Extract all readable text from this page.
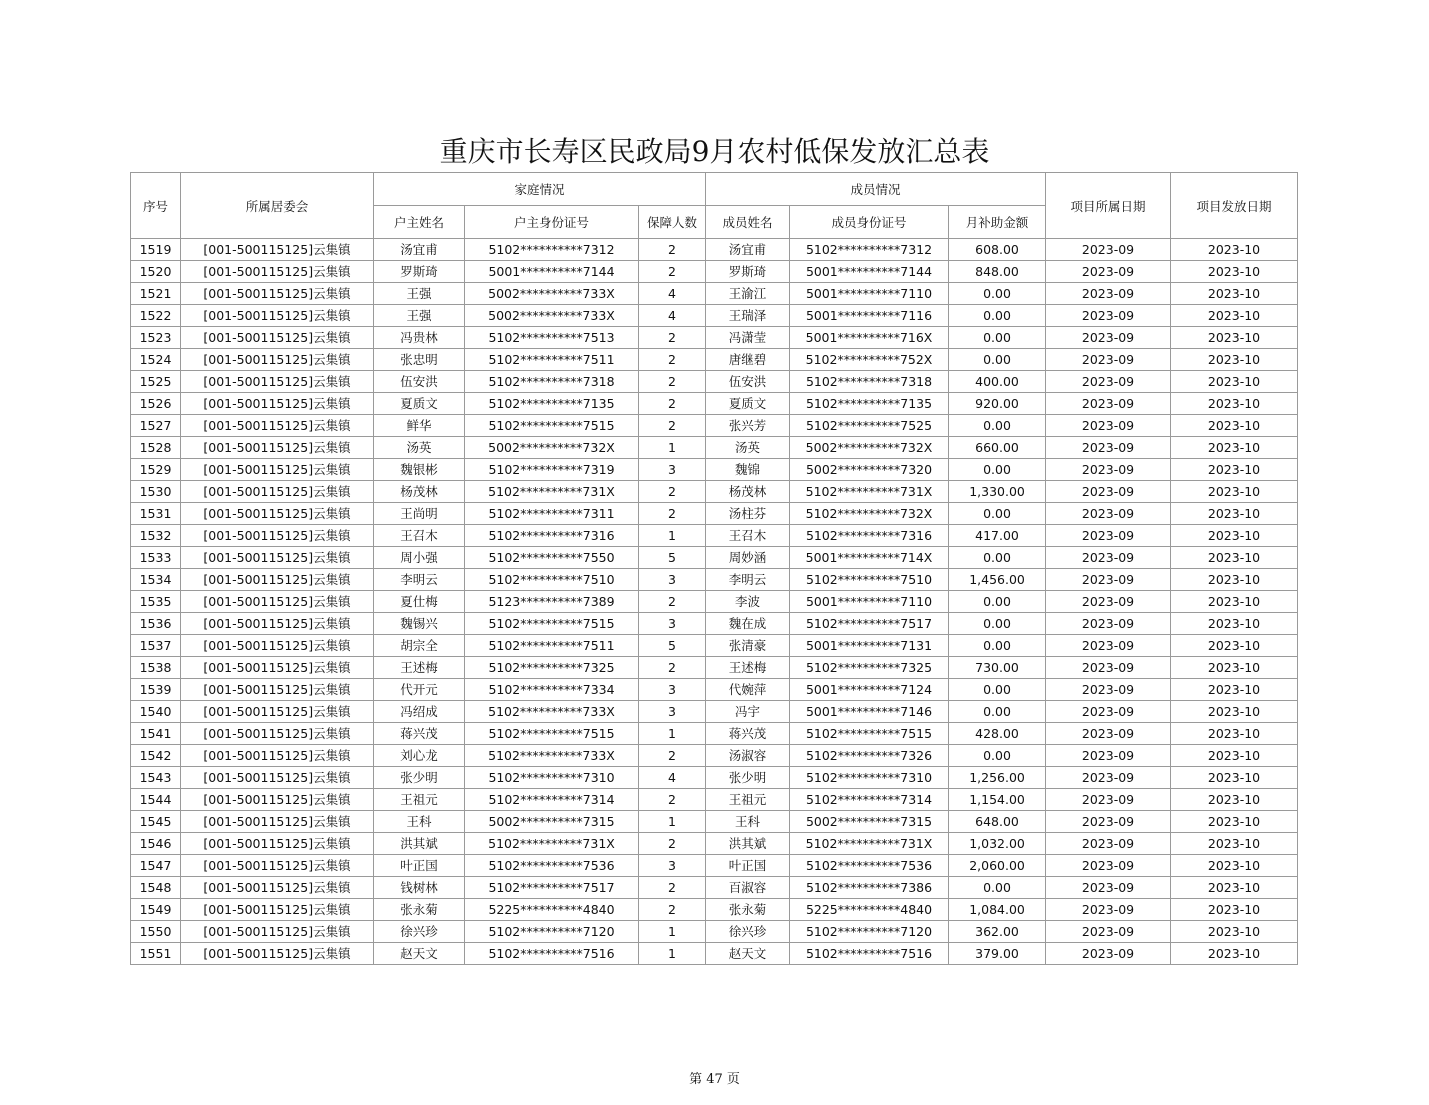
重庆市长寿区民政局9月农村低保发放汇总表
序号	所属居委会	家庭情况			成员情况			项目所属日期	项目发放日期
		户主姓名	户主身份证号	保障人数	成员姓名	成员身份证号	月补助金额		
1519	[001-500115125]云集镇	汤宜甫	5102**********7312	2	汤宜甫	5102**********7312	608.00	2023-09	2023-10
1520	[001-500115125]云集镇	罗斯琦	5001**********7144	2	罗斯琦	5001**********7144	848.00	2023-09	2023-10
1521	[001-500115125]云集镇	王强	5002**********733X	4	王渝江	5001**********7110	0.00	2023-09	2023-10
1522	[001-500115125]云集镇	王强	5002**********733X	4	王瑞泽	5001**********7116	0.00	2023-09	2023-10
1523	[001-500115125]云集镇	冯贵林	5102**********7513	2	冯潇莹	5001**********716X	0.00	2023-09	2023-10
1524	[001-500115125]云集镇	张忠明	5102**********7511	2	唐继碧	5102**********752X	0.00	2023-09	2023-10
1525	[001-500115125]云集镇	伍安洪	5102**********7318	2	伍安洪	5102**********7318	400.00	2023-09	2023-10
1526	[001-500115125]云集镇	夏质文	5102**********7135	2	夏质文	5102**********7135	920.00	2023-09	2023-10
1527	[001-500115125]云集镇	鲜华	5102**********7515	2	张兴芳	5102**********7525	0.00	2023-09	2023-10
1528	[001-500115125]云集镇	汤英	5002**********732X	1	汤英	5002**********732X	660.00	2023-09	2023-10
1529	[001-500115125]云集镇	魏银彬	5102**********7319	3	魏锦	5002**********7320	0.00	2023-09	2023-10
1530	[001-500115125]云集镇	杨茂林	5102**********731X	2	杨茂林	5102**********731X	1,330.00	2023-09	2023-10
1531	[001-500115125]云集镇	王尚明	5102**********7311	2	汤柱芬	5102**********732X	0.00	2023-09	2023-10
1532	[001-500115125]云集镇	王召木	5102**********7316	1	王召木	5102**********7316	417.00	2023-09	2023-10
1533	[001-500115125]云集镇	周小强	5102**********7550	5	周妙涵	5001**********714X	0.00	2023-09	2023-10
1534	[001-500115125]云集镇	李明云	5102**********7510	3	李明云	5102**********7510	1,456.00	2023-09	2023-10
1535	[001-500115125]云集镇	夏仕梅	5123**********7389	2	李波	5001**********7110	0.00	2023-09	2023-10
1536	[001-500115125]云集镇	魏锡兴	5102**********7515	3	魏在成	5102**********7517	0.00	2023-09	2023-10
1537	[001-500115125]云集镇	胡宗全	5102**********7511	5	张清豪	5001**********7131	0.00	2023-09	2023-10
1538	[001-500115125]云集镇	王述梅	5102**********7325	2	王述梅	5102**********7325	730.00	2023-09	2023-10
1539	[001-500115125]云集镇	代开元	5102**********7334	3	代婉萍	5001**********7124	0.00	2023-09	2023-10
1540	[001-500115125]云集镇	冯绍成	5102**********733X	3	冯宇	5001**********7146	0.00	2023-09	2023-10
1541	[001-500115125]云集镇	蒋兴茂	5102**********7515	1	蒋兴茂	5102**********7515	428.00	2023-09	2023-10
1542	[001-500115125]云集镇	刘心龙	5102**********733X	2	汤淑容	5102**********7326	0.00	2023-09	2023-10
1543	[001-500115125]云集镇	张少明	5102**********7310	4	张少明	5102**********7310	1,256.00	2023-09	2023-10
1544	[001-500115125]云集镇	王祖元	5102**********7314	2	王祖元	5102**********7314	1,154.00	2023-09	2023-10
1545	[001-500115125]云集镇	王科	5002**********7315	1	王科	5002**********7315	648.00	2023-09	2023-10
1546	[001-500115125]云集镇	洪其斌	5102**********731X	2	洪其斌	5102**********731X	1,032.00	2023-09	2023-10
1547	[001-500115125]云集镇	叶正国	5102**********7536	3	叶正国	5102**********7536	2,060.00	2023-09	2023-10
1548	[001-500115125]云集镇	钱树林	5102**********7517	2	百淑容	5102**********7386	0.00	2023-09	2023-10
1549	[001-500115125]云集镇	张永菊	5225**********4840	2	张永菊	5225**********4840	1,084.00	2023-09	2023-10
1550	[001-500115125]云集镇	徐兴珍	5102**********7120	1	徐兴珍	5102**********7120	362.00	2023-09	2023-10
1551	[001-500115125]云集镇	赵天文	5102**********7516	1	赵天文	5102**********7516	379.00	2023-09	2023-10
第 47 页
